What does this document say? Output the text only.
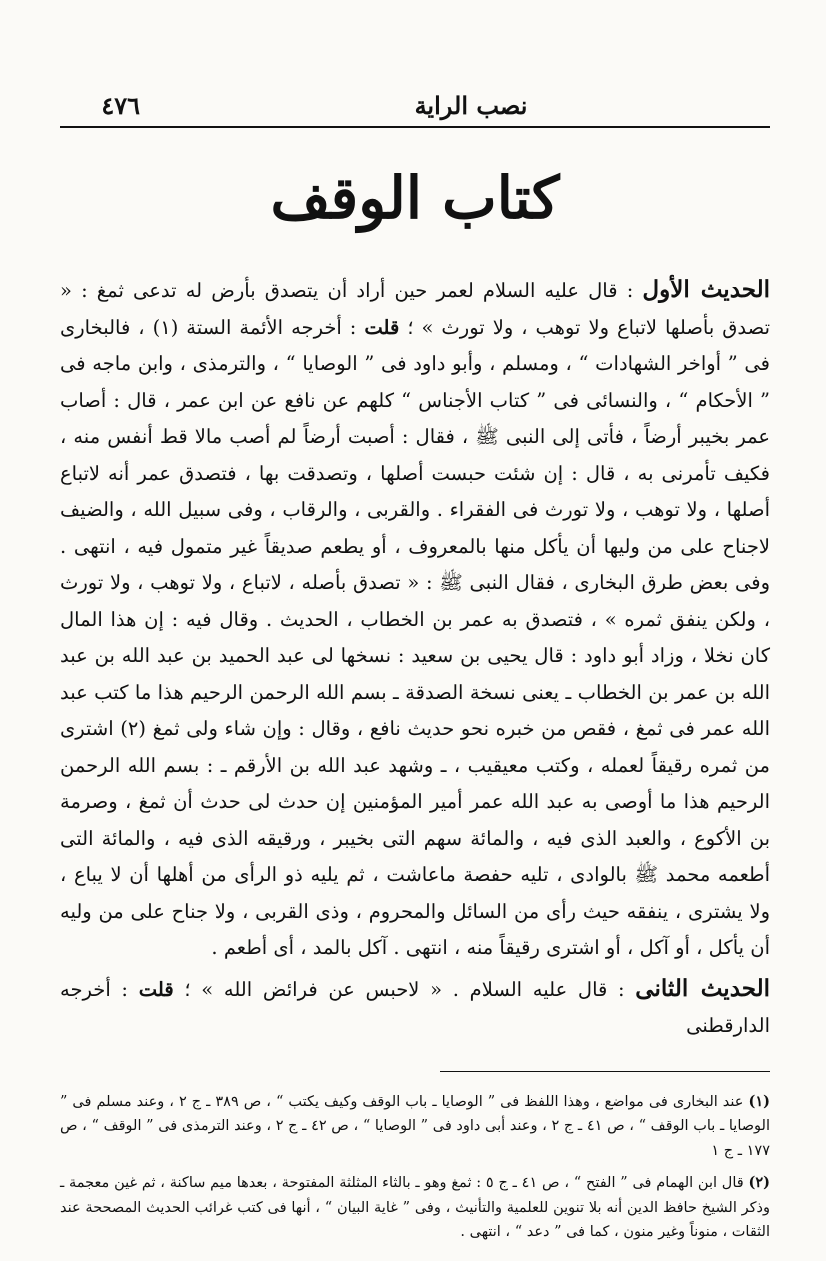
نصب الراية
٤٧٦
كتاب الوقف

الحديث الأول : قال عليه السلام لعمر حين أراد أن يتصدق بأرض له تدعى ثمغ : « تصدق بأصلها لاتباع ولا توهب ، ولا تورث » ؛ قلت : أخرجه الأئمة الستة (١) ، فالبخارى فى ” أواخر الشهادات “ ، ومسلم ، وأبو داود فى ” الوصايا “ ، والترمذى ، وابن ماجه فى ” الأحكام “ ، والنسائى فى ” كتاب الأجناس “ كلهم عن نافع عن ابن عمر ، قال : أصاب عمر بخيبر أرضاً ، فأتى إلى النبى ﷺ ، فقال : أصبت أرضاً لم أصب مالا قط أنفس منه ، فكيف تأمرنى به ، قال : إن شئت حبست أصلها ، وتصدقت بها ، فتصدق عمر أنه لاتباع أصلها ، ولا توهب ، ولا تورث فى الفقراء . والقربى ، والرقاب ، وفى سبيل الله ، والضيف لاجناح على من وليها أن يأكل منها بالمعروف ، أو يطعم صديقاً غير متمول فيه ، انتهى . وفى بعض طرق البخارى ، فقال النبى ﷺ : « تصدق بأصله ، لاتباع ، ولا توهب ، ولا تورث ، ولكن ينفق ثمره » ، فتصدق به عمر بن الخطاب ، الحديث . وقال فيه : إن هذا المال كان نخلا ، وزاد أبو داود : قال يحيى بن سعيد : نسخها لى عبد الحميد بن عبد الله بن عبد الله بن عمر بن الخطاب ـ يعنى نسخة الصدقة ـ بسم الله الرحمن الرحيم هذا ما كتب عبد الله عمر فى ثمغ ، فقص من خبره نحو حديث نافع ، وقال : وإن شاء ولى ثمغ (٢) اشترى من ثمره رقيقاً لعمله ، وكتب معيقيب ، ـ وشهد عبد الله بن الأرقم ـ : بسم الله الرحمن الرحيم هذا ما أوصى به عبد الله عمر أمير المؤمنين إن حدث لى حدث أن ثمغ ، وصرمة بن الأكوع ، والعبد الذى فيه ، والمائة سهم التى بخيبر ، ورقيقه الذى فيه ، والمائة التى أطعمه محمد ﷺ بالوادى ، تليه حفصة ماعاشت ، ثم يليه ذو الرأى من أهلها أن لا يباع ، ولا يشترى ، ينفقه حيث رأى من السائل والمحروم ، وذى القربى ، ولا جناح على من وليه أن يأكل ، أو آكل ، أو اشترى رقيقاً منه ، انتهى . آكل بالمد ، أى أطعم .

الحديث الثانى : قال عليه السلام . « لاحبس عن فرائض الله » ؛ قلت : أخرجه الدارقطنى

(١) عند البخارى فى مواضع ، وهذا اللفظ فى ” الوصايا ـ باب الوقف وكيف يكتب “ ، ص ٣٨٩ ـ ج ٢ ، وعند مسلم فى ” الوصايا ـ باب الوقف “ ، ص ٤١ ـ ج ٢ ، وعند أبى داود فى ” الوصايا “ ، ص ٤٢ ـ ج ٢ ، وعند الترمذى فى ” الوقف “ ، ص ١٧٧ ـ ج ١

(٢) قال ابن الهمام فى ” الفتح “ ، ص ٤١ ـ ج ٥ : ثمغ وهو ـ بالثاء المثلثة المفتوحة ، بعدها ميم ساكنة ، ثم غين معجمة ـ وذكر الشيخ حافظ الدين أنه بلا تنوين للعلمية والتأنيث ، وفى ” غاية البيان “ ، أنها فى كتب غرائب الحديث المصححة عند الثقات ، منوناً وغير منون ، كما فى ” دعد “ ، انتهى .
